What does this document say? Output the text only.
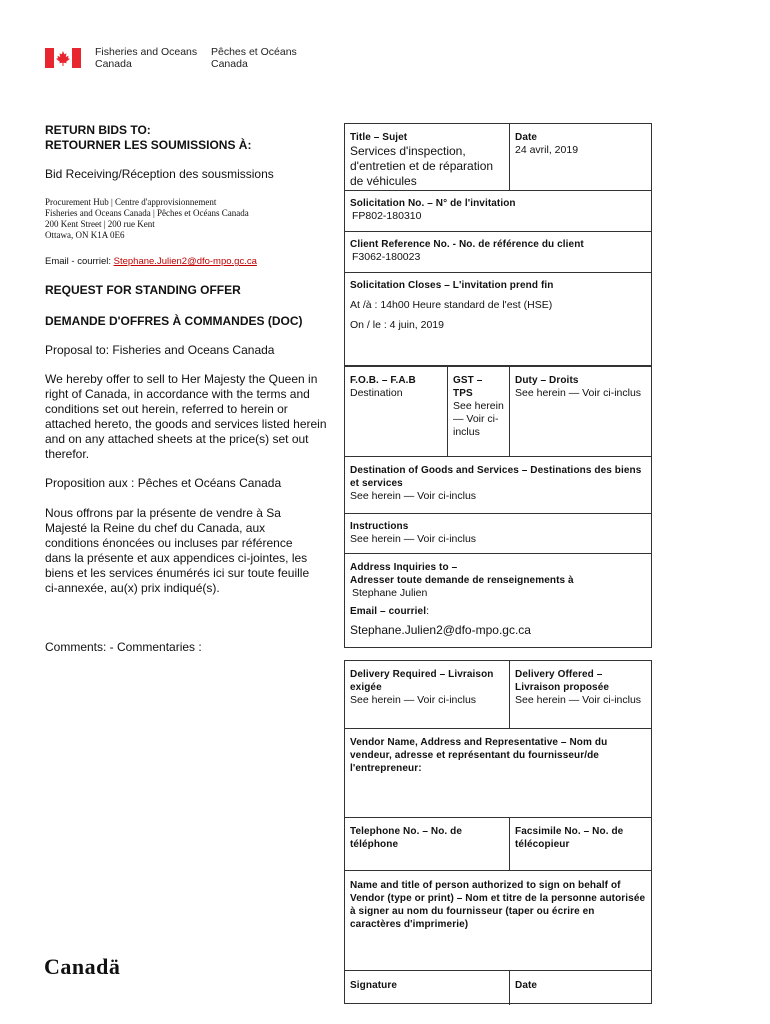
Fisheries and Oceans
Canada
Pêches et Océans
Canada
RETURN BIDS TO:
RETOURNER LES SOUMISSIONS À:
Bid Receiving/Réception des sousmissions
Procurement Hub | Centre d'approvisionnement
Fisheries and Oceans Canada | Pêches et Océans Canada
200 Kent Street | 200 rue Kent
Ottawa, ON K1A 0E6
Email - courriel: Stephane.Julien2@dfo-mpo.gc.ca
REQUEST FOR STANDING OFFER
DEMANDE D'OFFRES À COMMANDES (DOC)
Proposal to: Fisheries and Oceans Canada
We hereby offer to sell to Her Majesty the Queen in right of Canada, in accordance with the terms and conditions set out herein, referred to herein or attached hereto, the goods and services listed herein and on any attached sheets at the price(s) set out therefor.
Proposition aux : Pêches et Océans Canada
Nous offrons par la présente de vendre à Sa Majesté la Reine du chef du Canada, aux conditions énoncées ou incluses par référence dans la présente et aux appendices ci-jointes, les biens et les services énumérés ici sur toute feuille ci-annexée, au(x) prix indiqué(s).
Comments: - Commentaries :
Canadä
Title – Sujet
Services d'inspection, d'entretien et de réparation de véhicules
Date
24 avril, 2019
Solicitation No. – N° de l'invitation
FP802-180310
Client Reference No. - No. de référence du client
F3062-180023
Solicitation Closes – L'invitation prend fin
At /à : 14h00 Heure standard de l'est (HSE)
On / le : 4 juin, 2019
F.O.B. – F.A.B
Destination
GST –
TPS
See herein — Voir ci-inclus
Duty – Droits
See herein — Voir ci-inclus
Destination of Goods and Services – Destinations des biens et services
See herein — Voir ci-inclus
Instructions
See herein — Voir ci-inclus
Address Inquiries to –
Adresser toute demande de renseignements à
Stephane Julien
Email – courriel:
Stephane.Julien2@dfo-mpo.gc.ca
Delivery Required – Livraison exigée
See herein — Voir ci-inclus
Delivery Offered – Livraison proposée
See herein — Voir ci-inclus
Vendor Name, Address and Representative – Nom du vendeur, adresse et représentant du fournisseur/de l'entrepreneur:
Telephone No. – No. de téléphone
Facsimile No. – No. de télécopieur
Name and title of person authorized to sign on behalf of Vendor (type or print) – Nom et titre de la personne autorisée à signer au nom du fournisseur (taper ou écrire en caractères d'imprimerie)
Signature	Date
